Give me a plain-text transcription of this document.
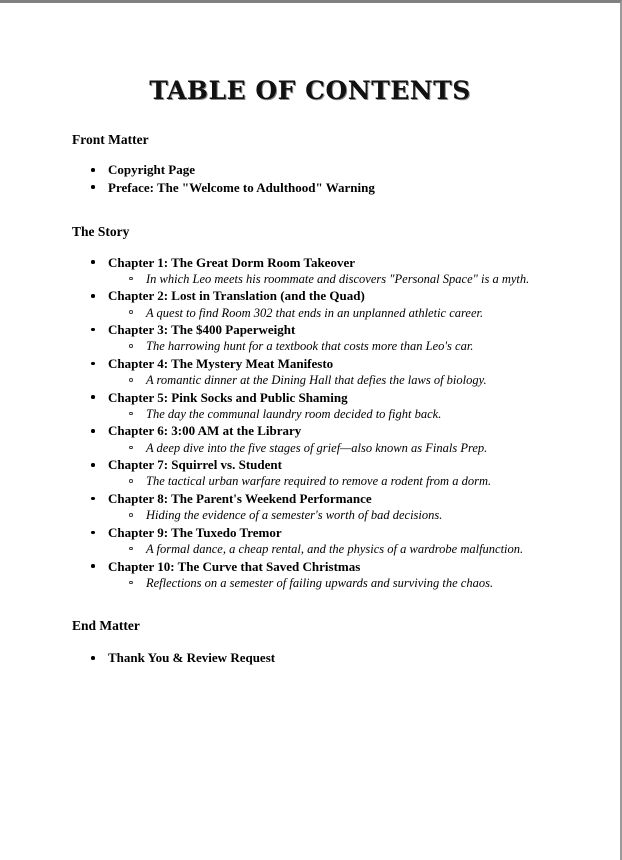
TABLE OF CONTENTS
Front Matter
Copyright Page
Preface: The "Welcome to Adulthood" Warning
The Story
Chapter 1: The Great Dorm Room Takeover
In which Leo meets his roommate and discovers "Personal Space" is a myth.
Chapter 2: Lost in Translation (and the Quad)
A quest to find Room 302 that ends in an unplanned athletic career.
Chapter 3: The $400 Paperweight
The harrowing hunt for a textbook that costs more than Leo's car.
Chapter 4: The Mystery Meat Manifesto
A romantic dinner at the Dining Hall that defies the laws of biology.
Chapter 5: Pink Socks and Public Shaming
The day the communal laundry room decided to fight back.
Chapter 6: 3:00 AM at the Library
A deep dive into the five stages of grief—also known as Finals Prep.
Chapter 7: Squirrel vs. Student
The tactical urban warfare required to remove a rodent from a dorm.
Chapter 8: The Parent's Weekend Performance
Hiding the evidence of a semester's worth of bad decisions.
Chapter 9: The Tuxedo Tremor
A formal dance, a cheap rental, and the physics of a wardrobe malfunction.
Chapter 10: The Curve that Saved Christmas
Reflections on a semester of failing upwards and surviving the chaos.
End Matter
Thank You & Review Request
